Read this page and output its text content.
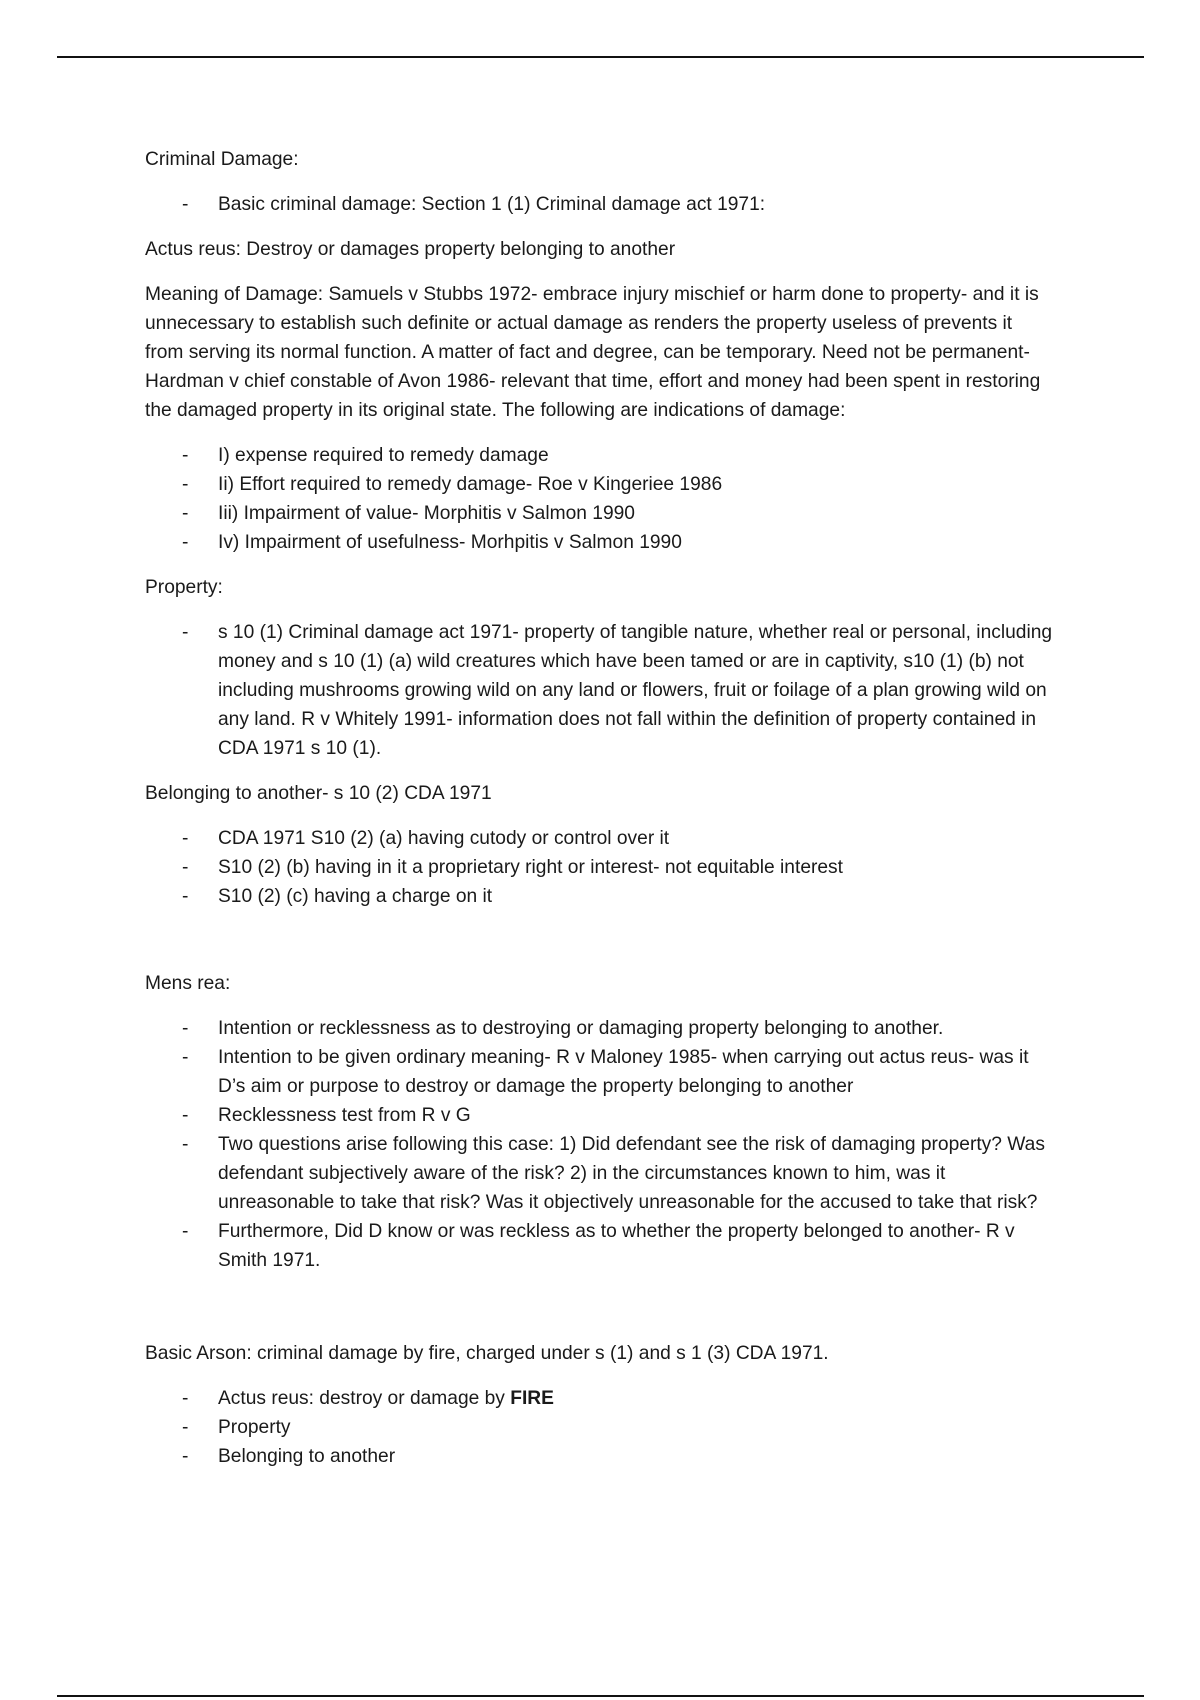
Criminal Damage:

- Basic criminal damage: Section 1 (1) Criminal damage act 1971:

Actus reus: Destroy or damages property belonging to another

Meaning of Damage: Samuels v Stubbs 1972- embrace injury mischief or harm done to property- and it is unnecessary to establish such definite or actual damage as renders the property useless of prevents it from serving its normal function. A matter of fact and degree, can be temporary. Need not be permanent- Hardman v chief constable of Avon 1986- relevant that time, effort and money had been spent in restoring the damaged property in its original state. The following are indications of damage:

- I) expense required to remedy damage
- Ii) Effort required to remedy damage- Roe v Kingeriee 1986
- Iii) Impairment of value- Morphitis v Salmon 1990
- Iv) Impairment of usefulness- Morhpitis v Salmon 1990

Property:

- s 10 (1) Criminal damage act 1971- property of tangible nature, whether real or personal, including money and s 10 (1) (a) wild creatures which have been tamed or are in captivity, s10 (1) (b) not including mushrooms growing wild on any land or flowers, fruit or foilage of a plan growing wild on any land. R v Whitely 1991- information does not fall within the definition of property contained in CDA 1971 s 10 (1).

Belonging to another- s 10 (2) CDA 1971

- CDA 1971 S10 (2) (a) having cutody or control over it
- S10 (2) (b) having in it a proprietary right or interest- not equitable interest
- S10 (2) (c) having a charge on it

Mens rea:

- Intention or recklessness as to destroying or damaging property belonging to another.
- Intention to be given ordinary meaning- R v Maloney 1985- when carrying out actus reus- was it D’s aim or purpose to destroy or damage the property belonging to another
- Recklessness test from R v G
- Two questions arise following this case: 1) Did defendant see the risk of damaging property? Was defendant subjectively aware of the risk? 2) in the circumstances known to him, was it unreasonable to take that risk? Was it objectively unreasonable for the accused to take that risk?
- Furthermore, Did D know or was reckless as to whether the property belonged to another- R v Smith 1971.

Basic Arson: criminal damage by fire, charged under s (1) and s 1 (3) CDA 1971.

- Actus reus: destroy or damage by FIRE
- Property
- Belonging to another
